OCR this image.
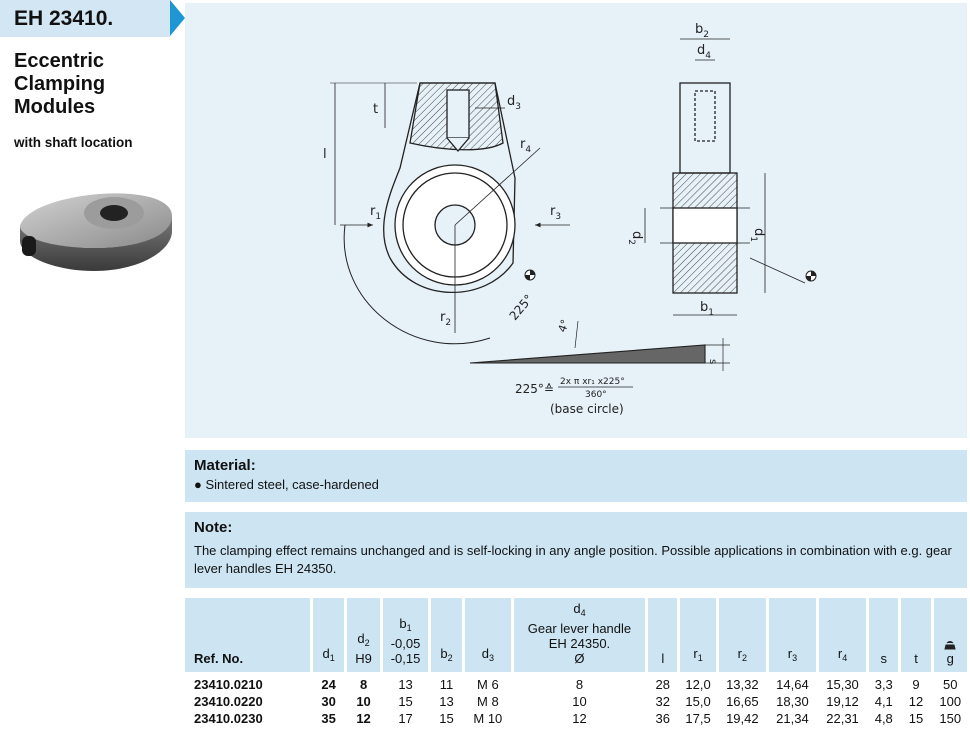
EH 23410.
Eccentric
Clamping
Modules
with shaft location
l
t
$d_3$
$r_4$
$r_1$	$r_3$
$r_2$
225°
$b_2$
$d_4$
$d_2$
$d_1$
$b_1$
s
4°
225°≙ 2x π xr₁ x225°
360°
(base circle)
Material:
● Sintered steel, case-hardened
Note:
The clamping effect remains unchanged and is self-locking in any angle position. Possible applications in combination with e.g. gear lever handles EH 24350.
Ref. No.	$d_1$	$d_2$
H9	$b_1$
-0,05
-0,15	$b_2$	$d_3$	$d_4$
Gear lever handle
EH 24350.
Ø	l	$r_1$	$r_2$	$r_3$	$r_4$	s	t	g
23410.0210	24	8	13	11	M 6	8	28	12,0	13,32	14,64	15,30	3,3	9	50
23410.0220	30	10	15	13	M 8	10	32	15,0	16,65	18,30	19,12	4,1	12	100
23410.0230	35	12	17	15	M 10	12	36	17,5	19,42	21,34	22,31	4,8	15	150
